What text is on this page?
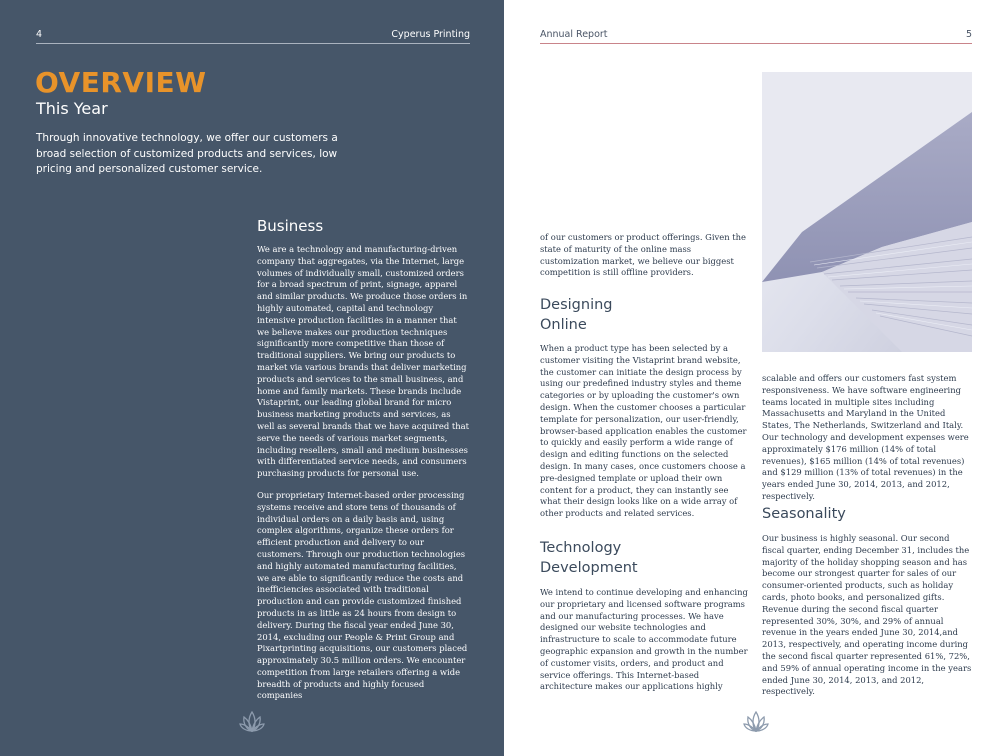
4	Cyperus Printing
OVERVIEW
This Year

Through innovative technology, we offer our customers a broad selection of customized products and services, low pricing and personalized customer service.

Business

We are a technology and manufacturing-driven company that aggregates, via the Internet, large volumes of individually small, customized orders for a broad spectrum of print, signage, apparel and similar products. We produce those orders in highly automated, capital and technology intensive production facilities in a manner that we believe makes our production techniques significantly more competitive than those of traditional suppliers. We bring our products to market via various brands that deliver marketing products and services to the small business, and home and family markets. These brands include Vistaprint, our leading global brand for micro business marketing products and services, as well as several brands that we have acquired that serve the needs of various market segments, including resellers, small and medium businesses with differentiated service needs, and consumers purchasing products for personal use.

Our proprietary Internet-based order processing systems receive and store tens of thousands of individual orders on a daily basis and, using complex algorithms, organize these orders for efficient production and delivery to our customers. Through our production technologies and highly automated manufacturing facilities, we are able to significantly reduce the costs and inefficiencies associated with traditional production and can provide customized finished products in as little as 24 hours from design to delivery. During the fiscal year ended June 30, 2014, excluding our People & Print Group and Pixartprinting acquisitions, our customers placed approximately 30.5 million orders. We encounter competition from large retailers offering a wide breadth of products and highly focused companies

Annual Report	5
of our customers or product offerings. Given the state of maturity of the online mass customization market, we believe our biggest competition is still offline providers.
Designing
Online
When a product type has been selected by a customer visiting the Vistaprint brand website, the customer can initiate the design process by using our predefined industry styles and theme categories or by uploading the customer's own design. When the customer chooses a particular template for personalization, our user-friendly, browser-based application enables the customer to quickly and easily perform a wide range of design and editing functions on the selected design. In many cases, once customers choose a pre-designed template or upload their own content for a product, they can instantly see what their design looks like on a wide array of other products and related services.
Technology
Development
We intend to continue developing and enhancing our proprietary and licensed software programs and our manufacturing processes. We have designed our website technologies and infrastructure to scale to accommodate future geographic expansion and growth in the number of customer visits, orders, and product and service offerings. This Internet-based architecture makes our applications highly
scalable and offers our customers fast system responsiveness. We have software engineering teams located in multiple sites including Massachusetts and Maryland in the United States, The Netherlands, Switzerland and Italy. Our technology and development expenses were approximately $176 million (14% of total revenues), $165 million (14% of total revenues) and $129 million (13% of total revenues) in the years ended June 30, 2014, 2013, and 2012, respectively.
Seasonality
Our business is highly seasonal. Our second fiscal quarter, ending December 31, includes the majority of the holiday shopping season and has become our strongest quarter for sales of our consumer-oriented products, such as holiday cards, photo books, and personalized gifts. Revenue during the second fiscal quarter represented 30%, 30%, and 29% of annual revenue in the years ended June 30, 2014,and 2013, respectively, and operating income during the second fiscal quarter represented 61%, 72%, and 59% of annual operating income in the years ended June 30, 2014, 2013, and 2012, respectively.
